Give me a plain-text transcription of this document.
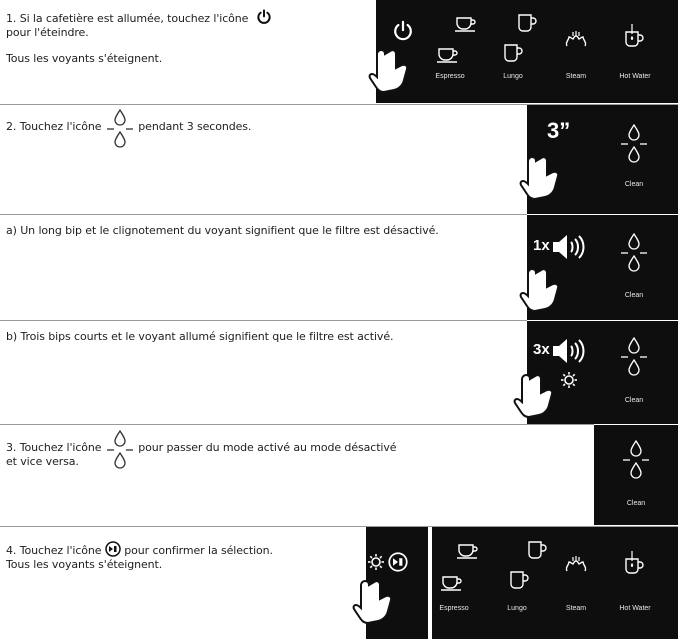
1. Si la cafetière est allumée, touchez l'icône
pour l'éteindre.
Tous les voyants s'éteignent.
Espresso	Lungo	Steam	Hot Water
2. Touchez l'icône	pendant 3 secondes.	3”
Clean
a) Un long bip et le clignotement du voyant signifient que le filtre est désactivé.
1x
Clean
b) Trois bips courts et le voyant allumé signifient que le filtre est activé.
3x
Clean
3. Touchez l'icône	pour passer du mode activé au mode désactivé
et vice versa.
Clean
4. Touchez l'icône pour confirmer la sélection.
Tous les voyants s'éteignent.
Espresso	Lungo	Steam	Hot Water
